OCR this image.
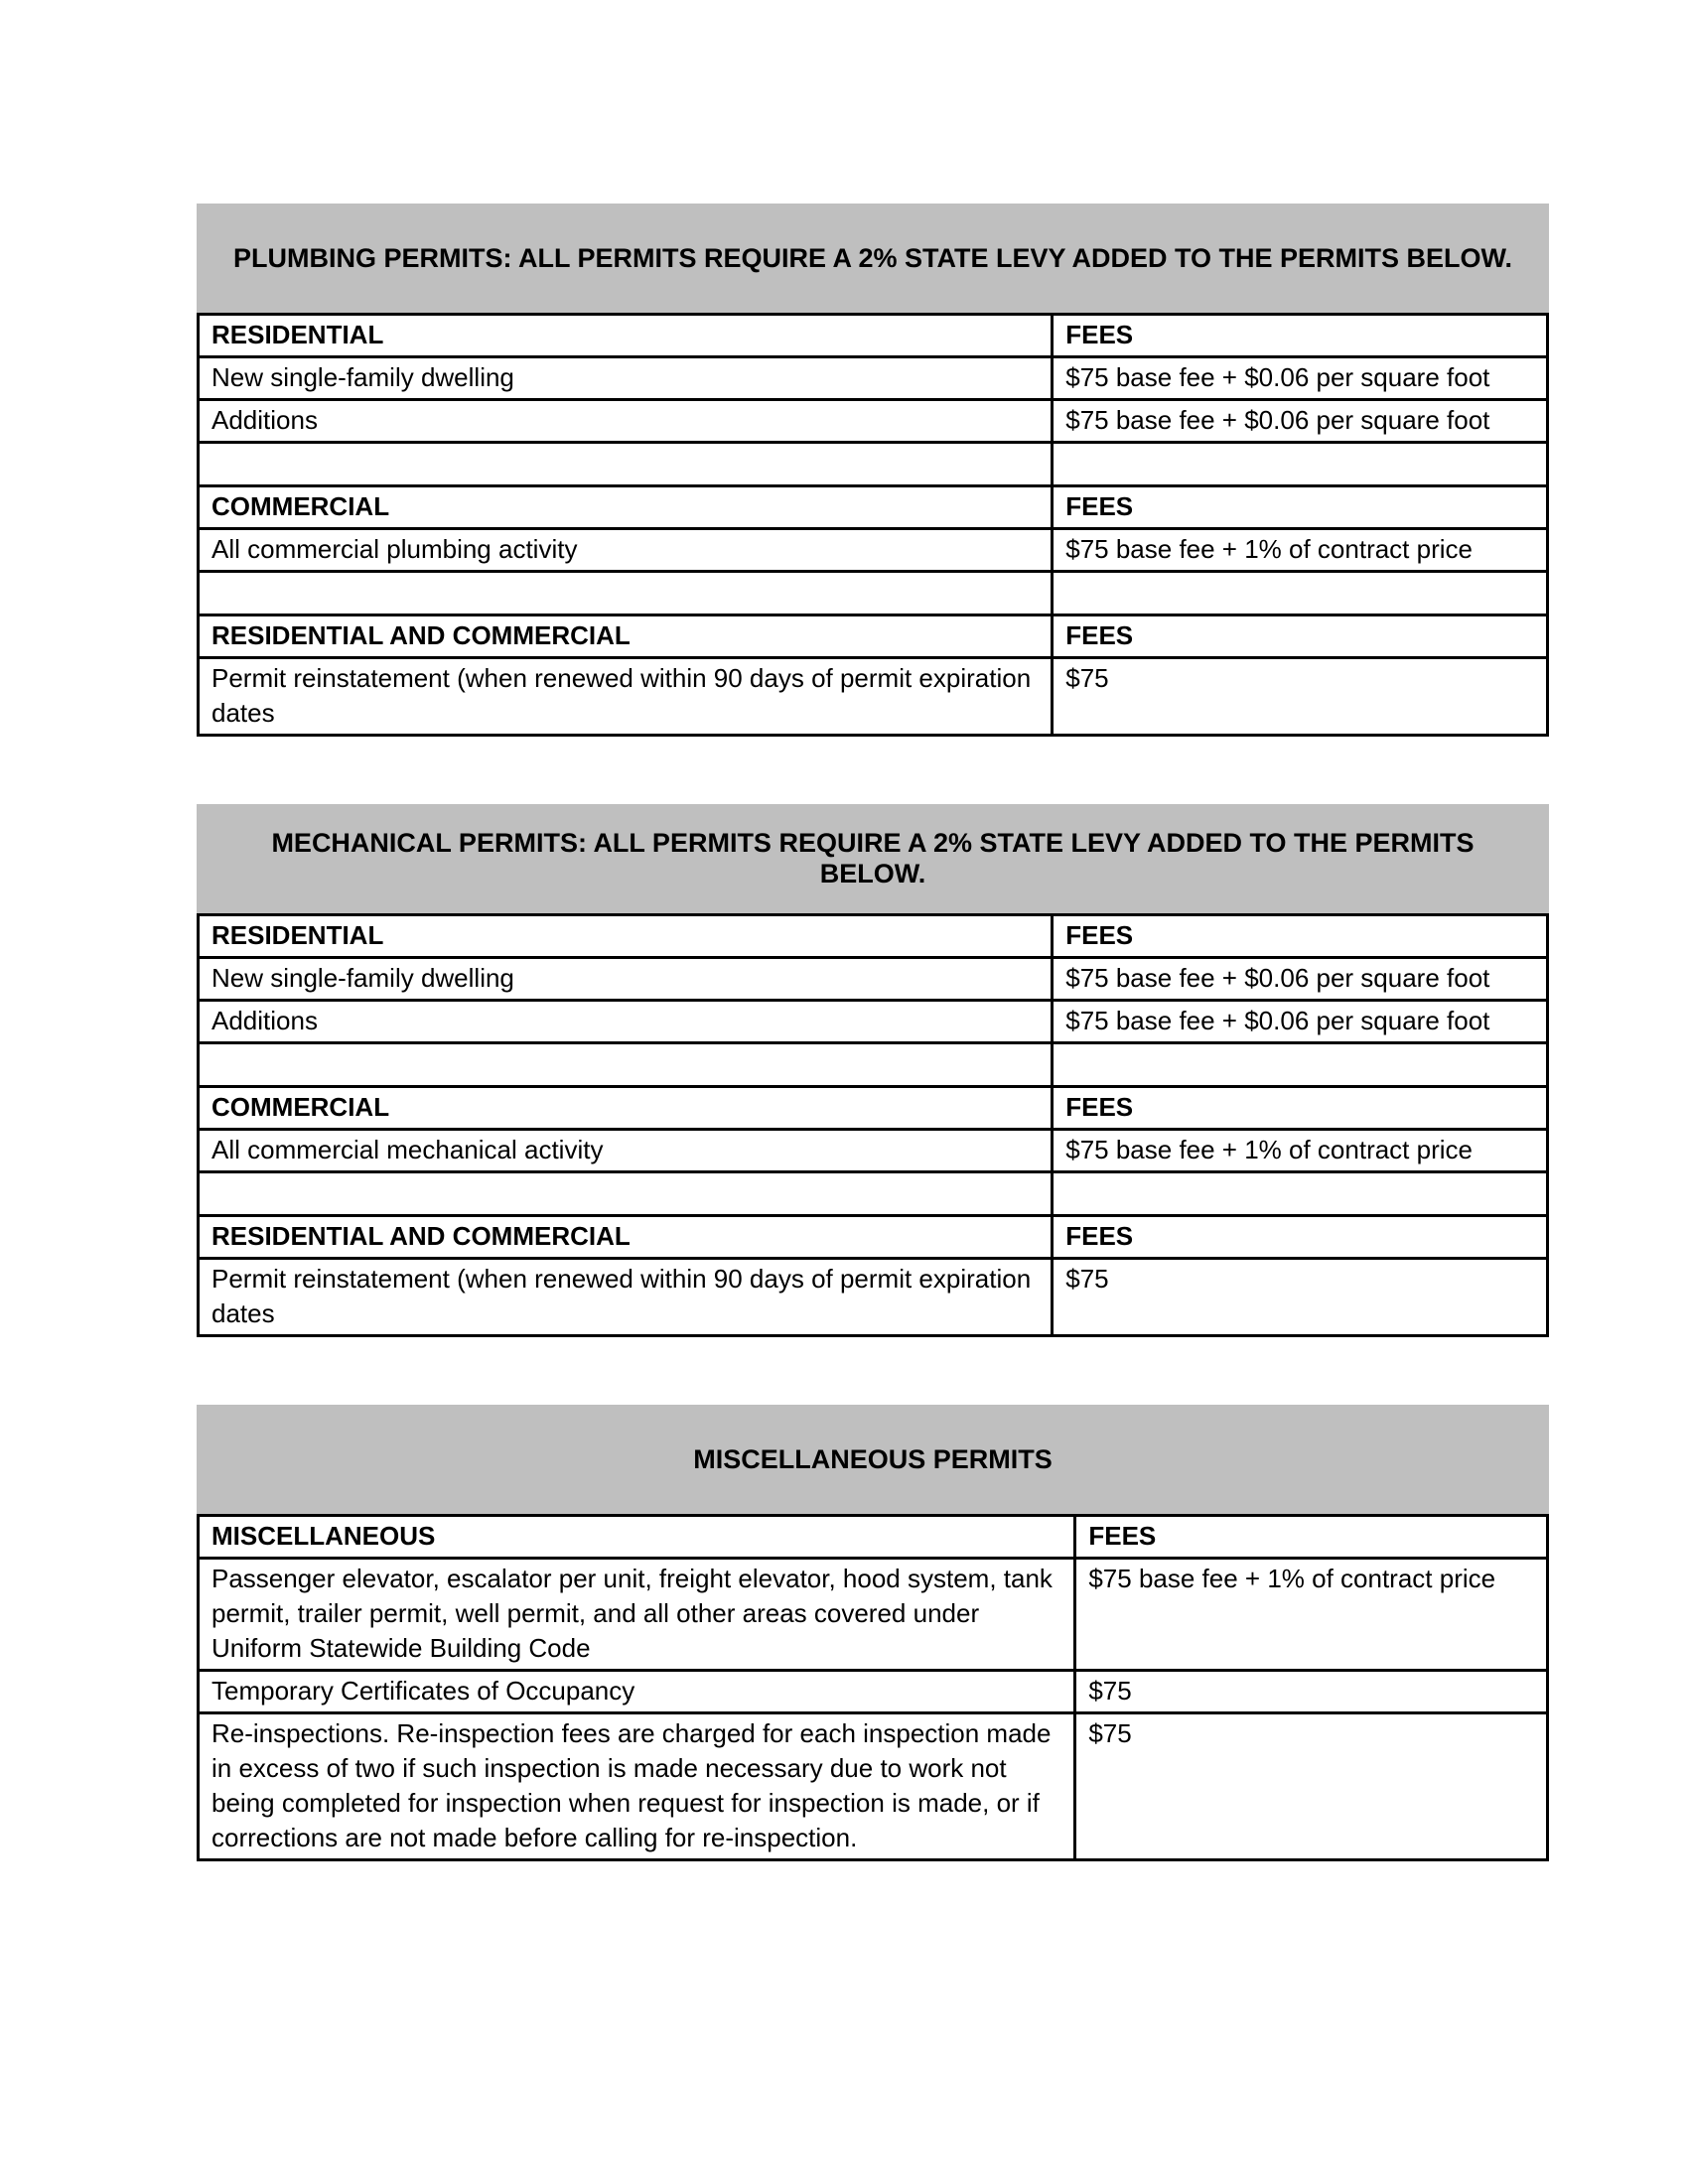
PLUMBING PERMITS: ALL PERMITS REQUIRE A 2% STATE LEVY ADDED TO THE PERMITS BELOW.
RESIDENTIAL	FEES
New single-family dwelling	$75 base fee + $0.06 per square foot
Additions	$75 base fee + $0.06 per square foot

COMMERCIAL	FEES
All commercial plumbing activity	$75 base fee + 1% of contract price

RESIDENTIAL AND COMMERCIAL	FEES
Permit reinstatement (when renewed within 90 days of permit expiration dates	$75
MECHANICAL PERMITS: ALL PERMITS REQUIRE A 2% STATE LEVY ADDED TO THE PERMITS BELOW.
RESIDENTIAL	FEES
New single-family dwelling	$75 base fee + $0.06 per square foot
Additions	$75 base fee + $0.06 per square foot

COMMERCIAL	FEES
All commercial mechanical activity	$75 base fee + 1% of contract price

RESIDENTIAL AND COMMERCIAL	FEES
Permit reinstatement (when renewed within 90 days of permit expiration dates	$75
MISCELLANEOUS PERMITS
MISCELLANEOUS	FEES
Passenger elevator, escalator per unit, freight elevator, hood system, tank permit, trailer permit, well permit, and all other areas covered under Uniform Statewide Building Code	$75 base fee + 1% of contract price
Temporary Certificates of Occupancy	$75
Re-inspections. Re-inspection fees are charged for each inspection made in excess of two if such inspection is made necessary due to work not being completed for inspection when request for inspection is made, or if corrections are not made before calling for re-inspection.	$75
